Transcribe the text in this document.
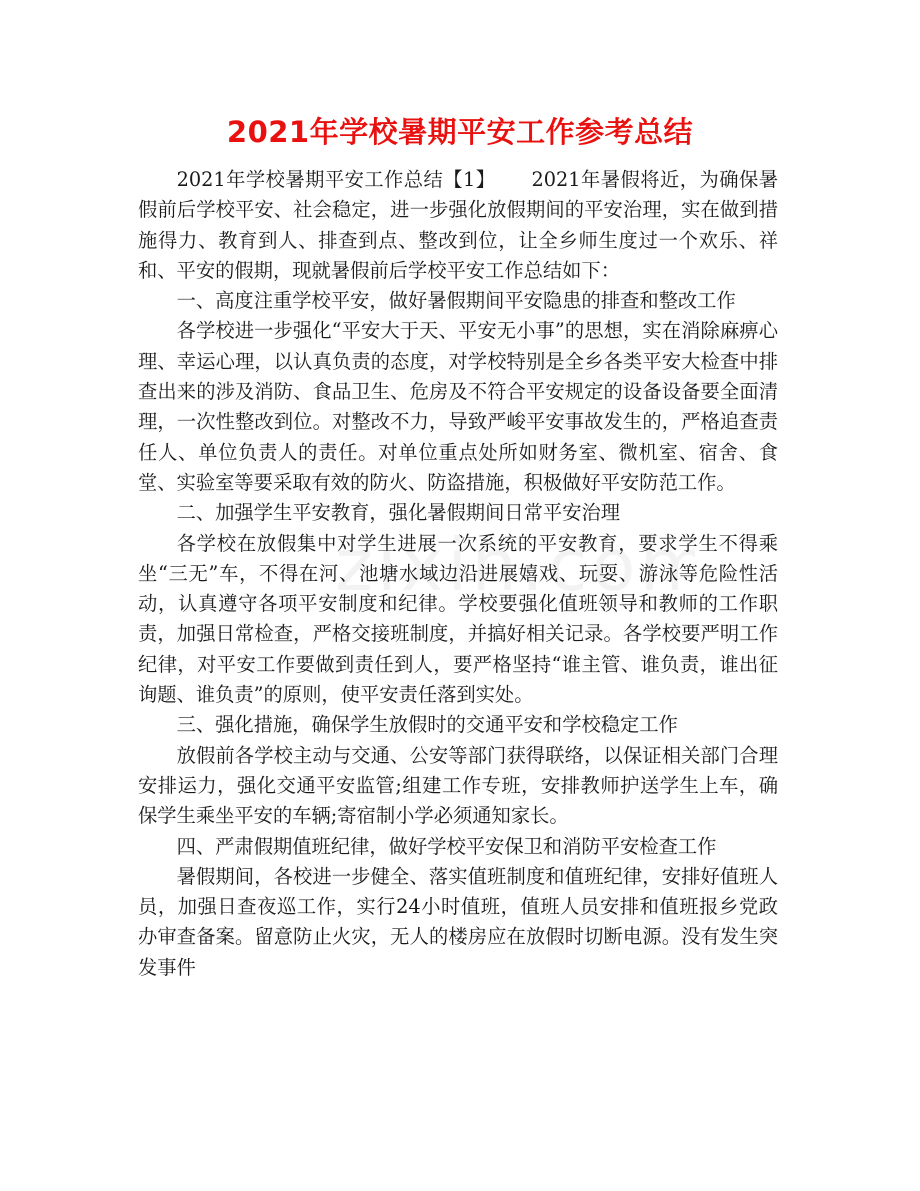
2021年学校暑期平安工作参考总结

2021年学校暑期平安工作总结【1】 2021年暑假将近，为确保暑假前后学校平安、社会稳定，进一步强化放假期间的平安治理，实在做到措施得力、教育到人、排查到点、整改到位，让全乡师生度过一个欢乐、祥和、平安的假期，现就暑假前后学校平安工作总结如下：

一、高度注重学校平安，做好暑假期间平安隐患的排查和整改工作

各学校进一步强化“平安大于天、平安无小事”的思想，实在消除麻痹心理、幸运心理，以认真负责的态度，对学校特别是全乡各类平安大检查中排查出来的涉及消防、食品卫生、危房及不符合平安规定的设备设备要全面清理，一次性整改到位。对整改不力，导致严峻平安事故发生的，严格追查责任人、单位负责人的责任。对单位重点处所如财务室、微机室、宿舍、食堂、实验室等要采取有效的防火、防盗措施，积极做好平安防范工作。

二、加强学生平安教育，强化暑假期间日常平安治理

各学校在放假集中对学生进展一次系统的平安教育，要求学生不得乘坐“三无”车，不得在河、池塘水域边沿进展嬉戏、玩耍、游泳等危险性活动，认真遵守各项平安制度和纪律。学校要强化值班领导和教师的工作职责，加强日常检查，严格交接班制度，并搞好相关记录。各学校要严明工作纪律，对平安工作要做到责任到人，要严格坚持“谁主管、谁负责，谁出征询题、谁负责”的原则，使平安责任落到实处。

三、强化措施，确保学生放假时的交通平安和学校稳定工作

放假前各学校主动与交通、公安等部门获得联络，以保证相关部门合理安排运力，强化交通平安监管;组建工作专班，安排教师护送学生上车，确保学生乘坐平安的车辆;寄宿制小学必须通知家长。

四、严肃假期值班纪律，做好学校平安保卫和消防平安检查工作

暑假期间，各校进一步健全、落实值班制度和值班纪律，安排好值班人员，加强日查夜巡工作，实行24小时值班，值班人员安排和值班报乡党政办审查备案。留意防止火灾，无人的楼房应在放假时切断电源。没有发生突发事件
